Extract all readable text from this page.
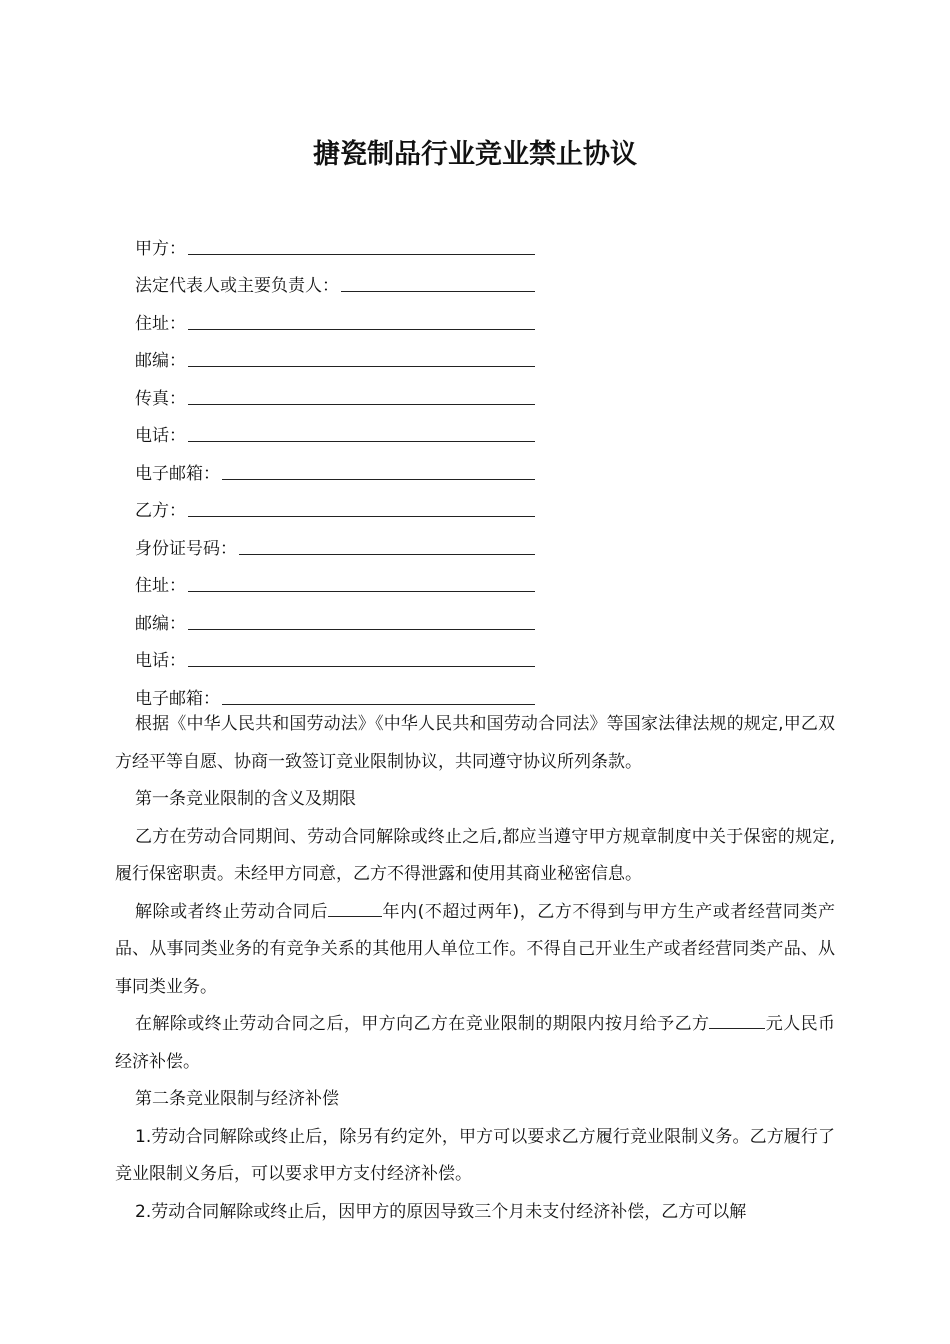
搪瓷制品行业竞业禁止协议
甲方：
法定代表人或主要负责人：
住址：
邮编：
传真：
电话：
电子邮箱：
乙方：
身份证号码：
住址：
邮编：
电话：
电子邮箱：

根据《中华人民共和国劳动法》《中华人民共和国劳动合同法》等国家法律法规的规定,甲乙双方经平等自愿、协商一致签订竞业限制协议，共同遵守协议所列条款。

第一条竞业限制的含义及期限

乙方在劳动合同期间、劳动合同解除或终止之后,都应当遵守甲方规章制度中关于保密的规定,履行保密职责。未经甲方同意，乙方不得泄露和使用其商业秘密信息。

解除或者终止劳动合同后	年内(不超过两年)，乙方不得到与甲方生产或者经营同类产品、从事同类业务的有竞争关系的其他用人单位工作。不得自己开业生产或者经营同类产品、从事同类业务。

在解除或终止劳动合同之后，甲方向乙方在竞业限制的期限内按月给予乙方	元人民币经济补偿。

第二条竞业限制与经济补偿

1.劳动合同解除或终止后，除另有约定外，甲方可以要求乙方履行竞业限制义务。乙方履行了竞业限制义务后，可以要求甲方支付经济补偿。

2.劳动合同解除或终止后，因甲方的原因导致三个月未支付经济补偿，乙方可以解
